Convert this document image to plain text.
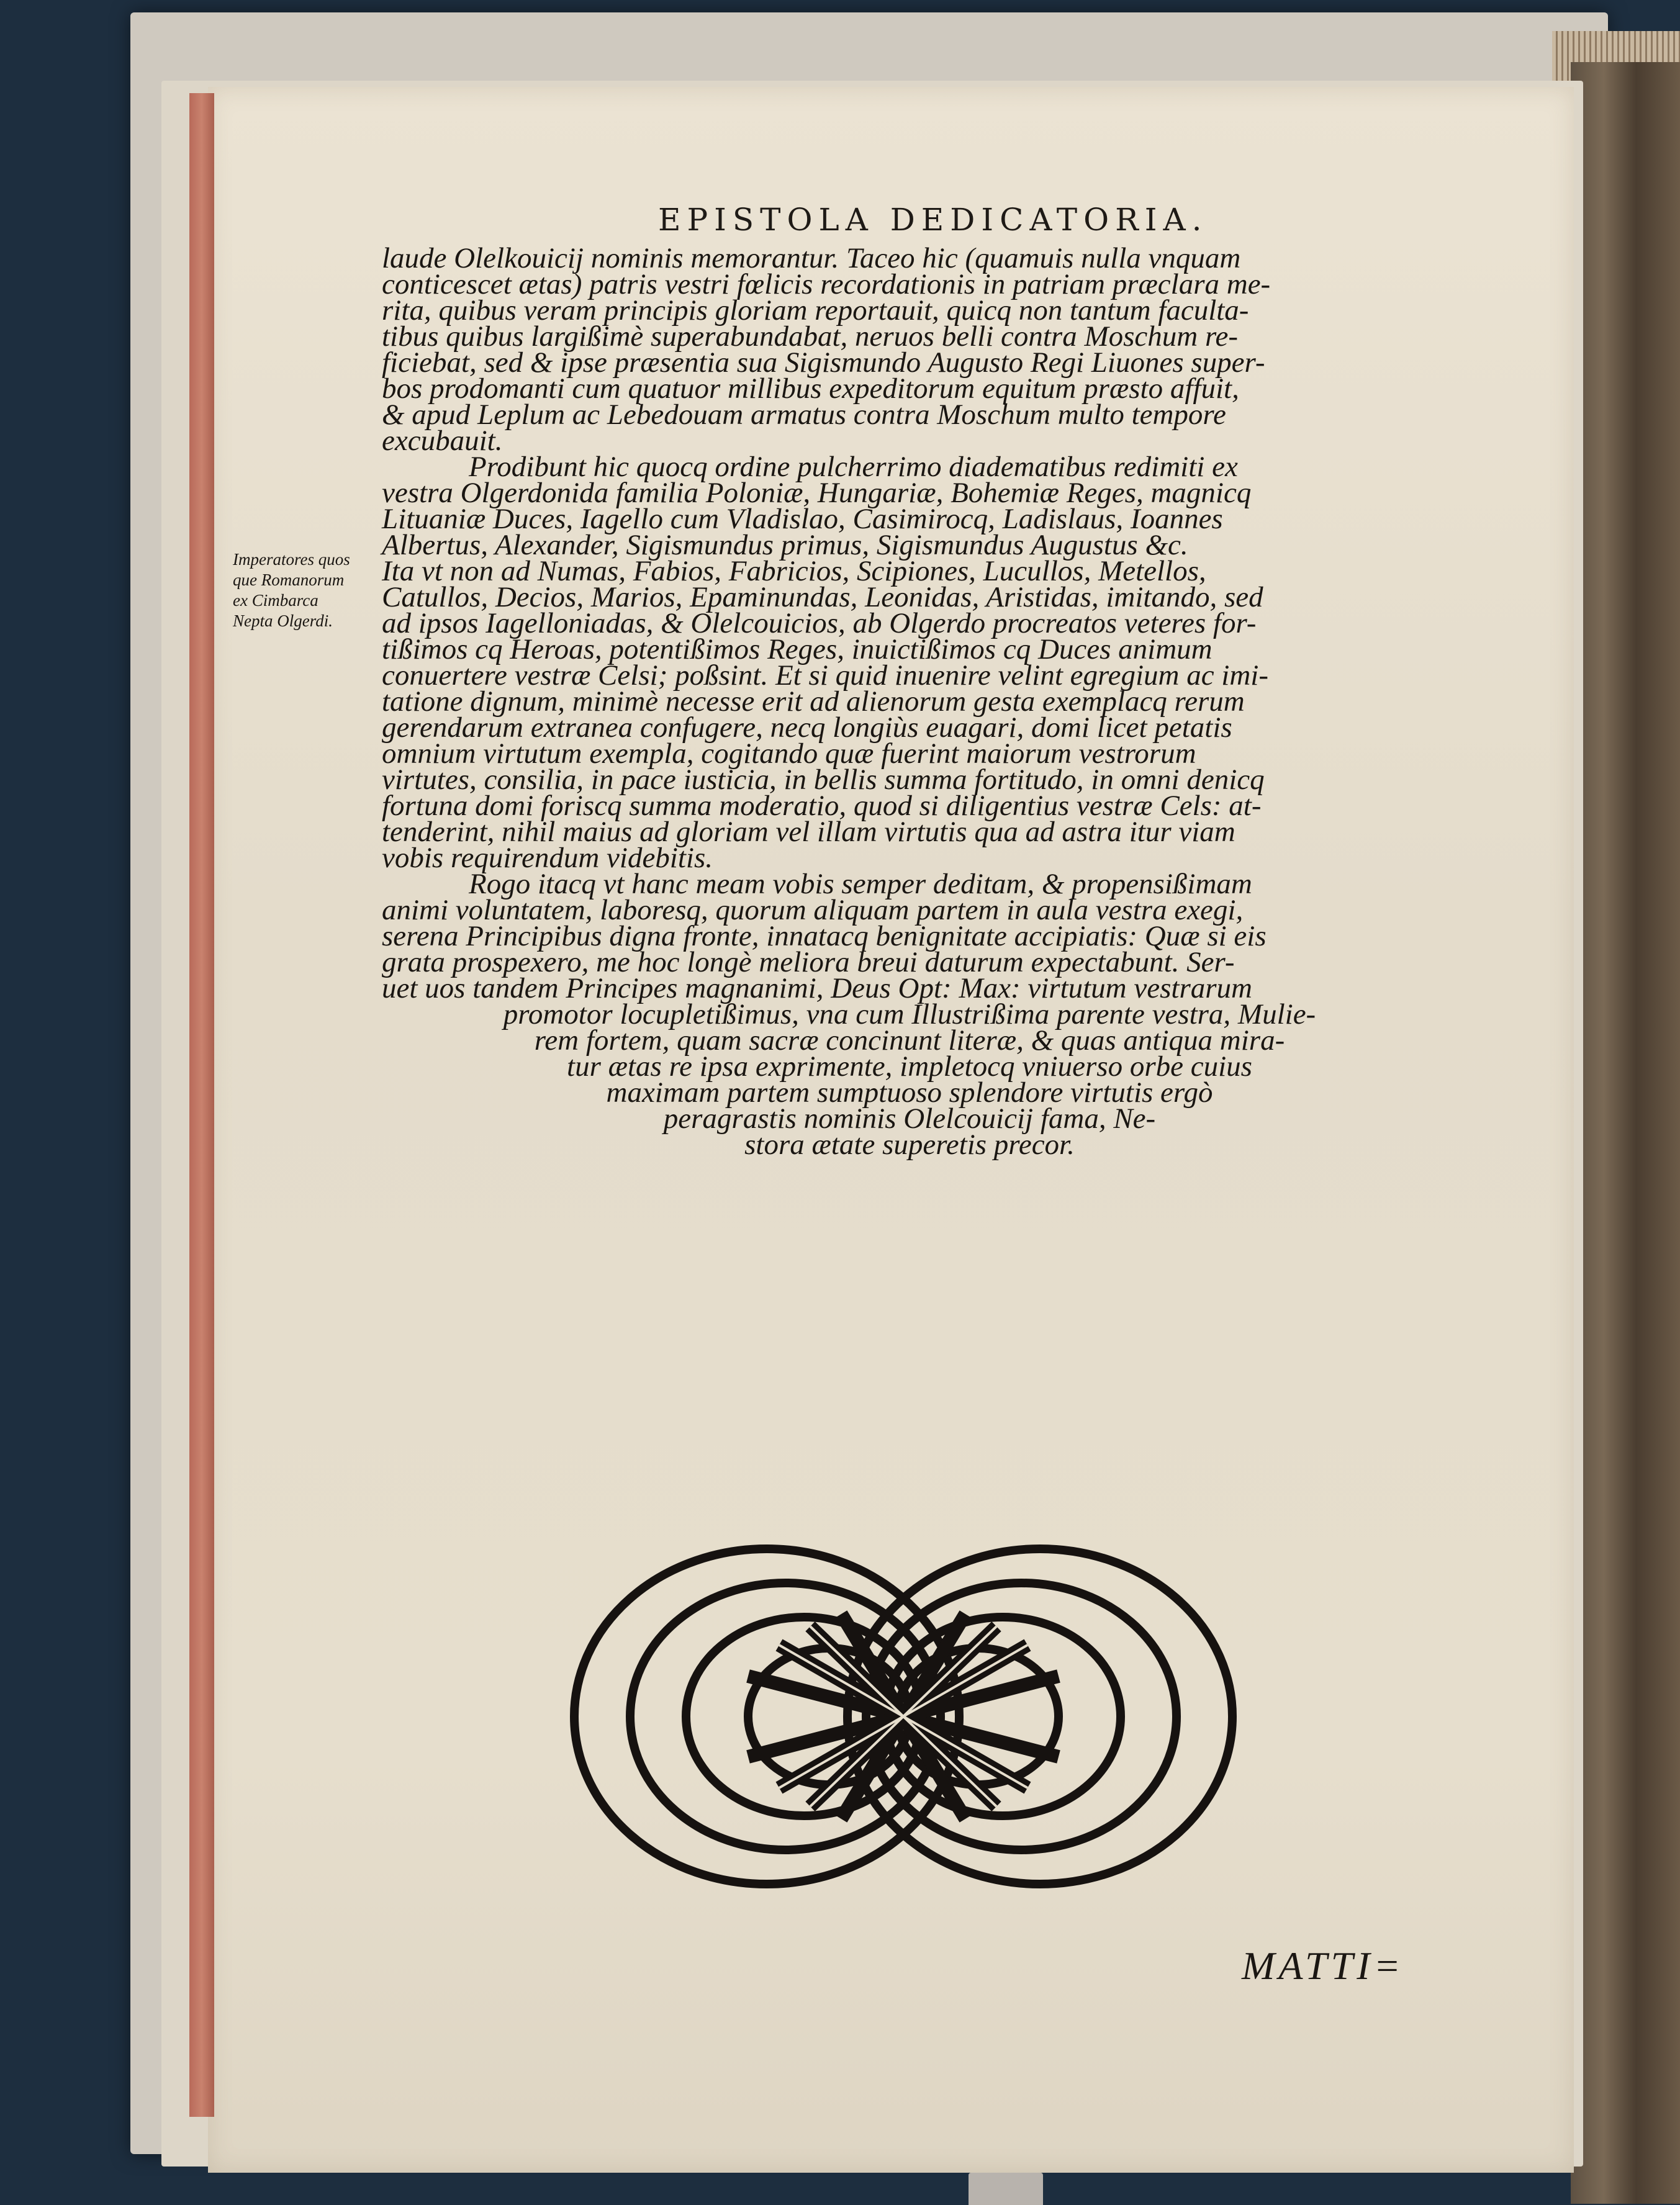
EPISTOLA DEDICATORIA.
Imperatores quos
que Romanorum
ex Cimbarca
Nepta Olgerdi.

laude Olelkouicij nominis memorantur. Taceo hic (quamuis nulla vnquam
conticescet ætas) patris vestri fœlicis recordationis in patriam præclara me-
rita, quibus veram principis gloriam reportauit, quicq non tantum faculta-
tibus quibus largißimè superabundabat, neruos belli contra Moschum re-
ficiebat, sed & ipse præsentia sua Sigismundo Augusto Regi Liuones super-
bos prodomanti cum quatuor millibus expeditorum equitum præsto affuit,
& apud Leplum ac Lebedouam armatus contra Moschum multo tempore
excubauit.

Prodibunt hic quocq ordine pulcherrimo diadematibus redimiti ex
vestra Olgerdonida familia Poloniæ, Hungariæ, Bohemiæ Reges, magnicq
Lituaniæ Duces, Iagello cum Vladislao, Casimirocq, Ladislaus, Ioannes
Albertus, Alexander, Sigismundus primus, Sigismundus Augustus &c.
Ita vt non ad Numas, Fabios, Fabricios, Scipiones, Lucullos, Metellos,
Catullos, Decios, Marios, Epaminundas, Leonidas, Aristidas, imitando, sed
ad ipsos Iagelloniadas, & Olelcouicios, ab Olgerdo procreatos veteres for-
tißimos cq Heroas, potentißimos Reges, inuictißimos cq Duces animum
conuertere vestræ Celsi; poßsint. Et si quid inuenire velint egregium ac imi-
tatione dignum, minimè necesse erit ad alienorum gesta exemplacq rerum
gerendarum extranea confugere, necq longiùs euagari, domi licet petatis
omnium virtutum exempla, cogitando quæ fuerint maiorum vestrorum
virtutes, consilia, in pace iusticia, in bellis summa fortitudo, in omni denicq
fortuna domi foriscq summa moderatio, quod si diligentius vestræ Cels: at-
tenderint, nihil maius ad gloriam vel illam virtutis qua ad astra itur viam
vobis requirendum videbitis.

Rogo itacq vt hanc meam vobis semper deditam, & propensißimam
animi voluntatem, laboresq, quorum aliquam partem in aula vestra exegi,
serena Principibus digna fronte, innatacq benignitate accipiatis: Quæ si eis
grata prospexero, me hoc longè meliora breui daturum expectabunt. Ser-
uet uos tandem Principes magnanimi, Deus Opt: Max: virtutum vestrarum
promotor locupletißimus, vna cum Illustrißima parente vestra, Mulie-
rem fortem, quam sacræ concinunt literæ, & quas antiqua mira-
tur ætas re ipsa exprimente, impletocq vniuerso orbe cuius
maximam partem sumptuoso splendore virtutis ergò
peragrastis nominis Olelcouicij fama, Ne-
stora ætate superetis precor.

MATTI=
